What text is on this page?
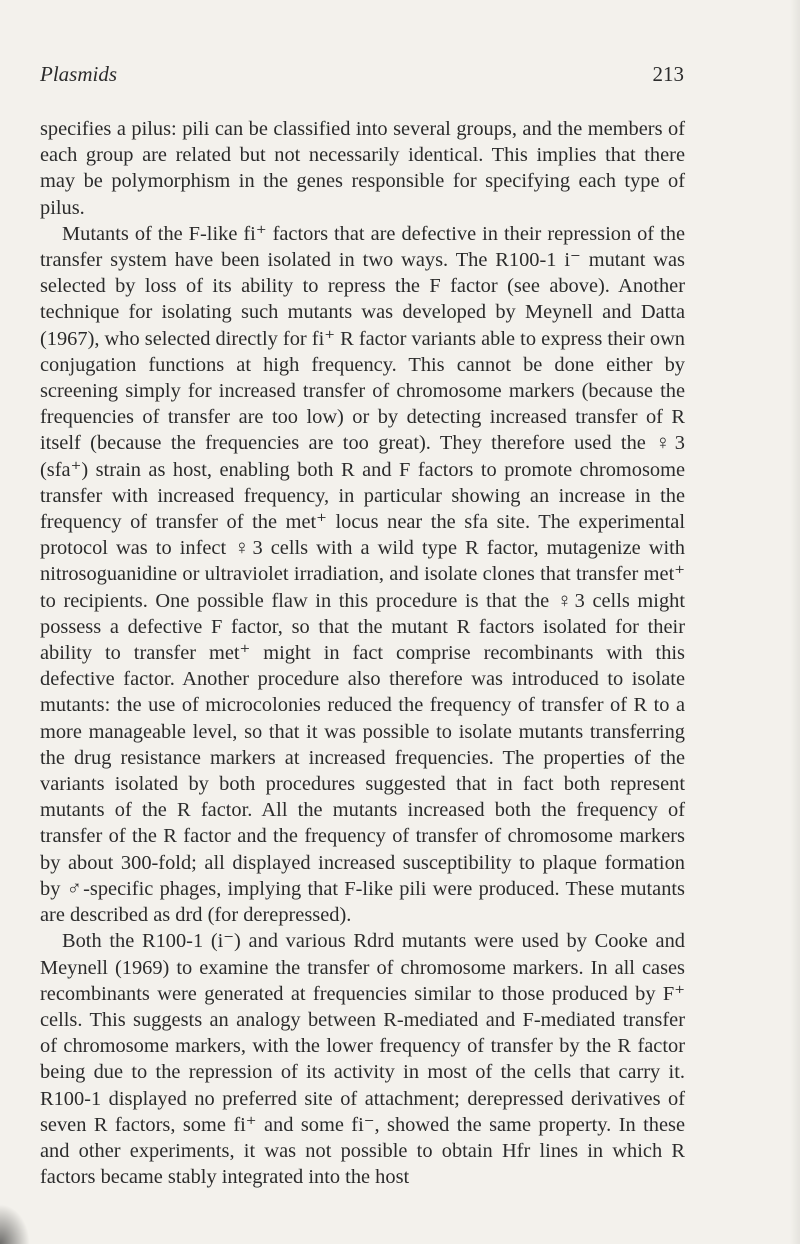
Plasmids	213

specifies a pilus: pili can be classified into several groups, and the members of each group are related but not necessarily identical. This implies that there may be polymorphism in the genes responsible for specifying each type of pilus.

Mutants of the F-like fi⁺ factors that are defective in their repression of the transfer system have been isolated in two ways. The R100-1 i⁻ mutant was selected by loss of its ability to repress the F factor (see above). Another technique for isolating such mutants was developed by Meynell and Datta (1967), who selected directly for fi⁺ R factor variants able to express their own conjugation functions at high frequency. This cannot be done either by screening simply for increased transfer of chromosome markers (because the frequencies of transfer are too low) or by detecting increased transfer of R itself (because the frequencies are too great). They therefore used the ♀3 (sfa⁺) strain as host, enabling both R and F factors to promote chromosome transfer with increased frequency, in particular showing an increase in the frequency of transfer of the met⁺ locus near the sfa site. The experimental protocol was to infect ♀3 cells with a wild type R factor, mutagenize with nitrosoguanidine or ultraviolet irradiation, and isolate clones that transfer met⁺ to recipients. One possible flaw in this procedure is that the ♀3 cells might possess a defective F factor, so that the mutant R factors isolated for their ability to transfer met⁺ might in fact comprise recombinants with this defective factor. Another procedure also therefore was introduced to isolate mutants: the use of microcolonies reduced the frequency of transfer of R to a more manageable level, so that it was possible to isolate mutants transferring the drug resistance markers at increased frequencies. The properties of the variants isolated by both procedures suggested that in fact both represent mutants of the R factor. All the mutants increased both the frequency of transfer of the R factor and the frequency of transfer of chromosome markers by about 300-fold; all displayed increased susceptibility to plaque formation by ♂-specific phages, implying that F-like pili were produced. These mutants are described as drd (for derepressed).

Both the R100-1 (i⁻) and various Rdrd mutants were used by Cooke and Meynell (1969) to examine the transfer of chromosome markers. In all cases recombinants were generated at frequencies similar to those produced by F⁺ cells. This suggests an analogy between R-mediated and F-mediated transfer of chromosome markers, with the lower frequency of transfer by the R factor being due to the repression of its activity in most of the cells that carry it. R100-1 displayed no preferred site of attachment; derepressed derivatives of seven R factors, some fi⁺ and some fi⁻, showed the same property. In these and other experiments, it was not possible to obtain Hfr lines in which R factors became stably integrated into the host
